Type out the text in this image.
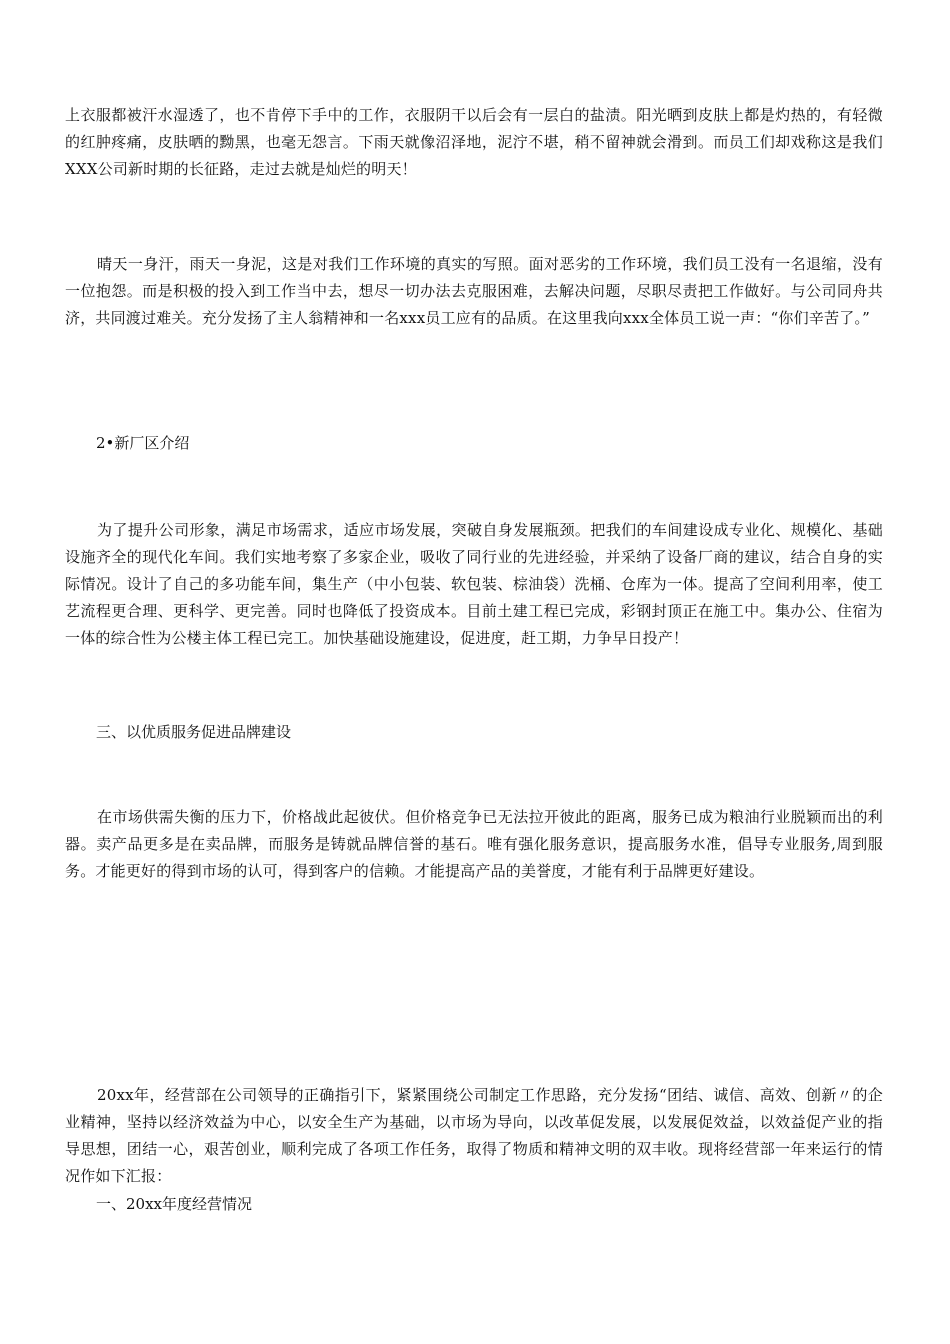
上衣服都被汗水湿透了，也不肯停下手中的工作，衣服阴干以后会有一层白的盐渍。阳光晒到皮肤上都是灼热的，有轻微的红肿疼痛，皮肤晒的黝黑，也毫无怨言。下雨天就像沼泽地，泥泞不堪，稍不留神就会滑到。而员工们却戏称这是我们XXX公司新时期的长征路，走过去就是灿烂的明天！

晴天一身汗，雨天一身泥，这是对我们工作环境的真实的写照。面对恶劣的工作环境，我们员工没有一名退缩，没有一位抱怨。而是积极的投入到工作当中去，想尽一切办法去克服困难，去解决问题，尽职尽责把工作做好。与公司同舟共济，共同渡过难关。充分发扬了主人翁精神和一名xxx员工应有的品质。在这里我向xxx全体员工说一声：“你们辛苦了。”

2•新厂区介绍

为了提升公司形象，满足市场需求，适应市场发展，突破自身发展瓶颈。把我们的车间建设成专业化、规模化、基础设施齐全的现代化车间。我们实地考察了多家企业，吸收了同行业的先进经验，并采纳了设备厂商的建议，结合自身的实际情况。设计了自己的多功能车间，集生产（中小包装、软包装、棕油袋）洗桶、仓库为一体。提高了空间利用率，使工艺流程更合理、更科学、更完善。同时也降低了投资成本。目前土建工程已完成，彩钢封顶正在施工中。集办公、住宿为一体的综合性为公楼主体工程已完工。加快基础设施建设，促进度，赶工期，力争早日投产！

三、以优质服务促进品牌建设

在市场供需失衡的压力下，价格战此起彼伏。但价格竞争已无法拉开彼此的距离，服务已成为粮油行业脱颖而出的利器。卖产品更多是在卖品牌，而服务是铸就品牌信誉的基石。唯有强化服务意识，提高服务水准，倡导专业服务,周到服务。才能更好的得到市场的认可，得到客户的信赖。才能提高产品的美誉度，才能有利于品牌更好建设。

20xx年，经营部在公司领导的正确指引下，紧紧围绕公司制定工作思路，充分发扬“团结、诚信、高效、创新〃的企业精神，坚持以经济效益为中心，以安全生产为基础，以市场为导向，以改革促发展，以发展促效益，以效益促产业的指导思想，团结一心，艰苦创业，顺利完成了各项工作任务，取得了物质和精神文明的双丰收。现将经营部一年来运行的情况作如下汇报：

一、20xx年度经营情况
